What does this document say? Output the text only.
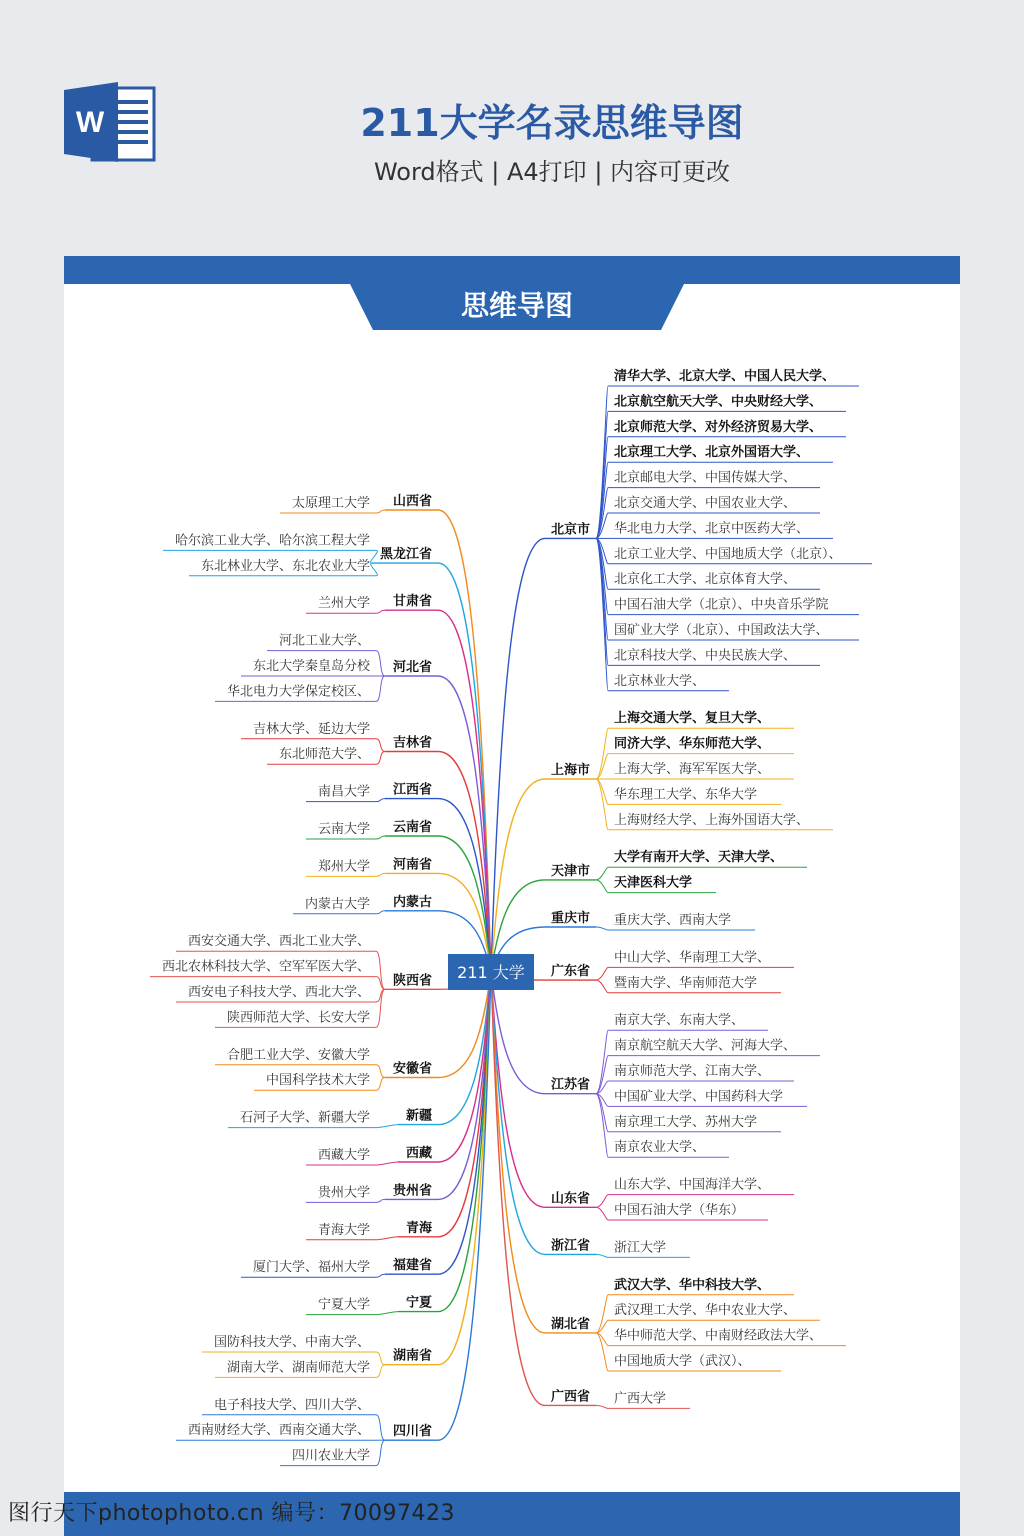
W	211大学名录思维导图
Word格式 | A4打印 | 内容可更改
思维导图
山西省
太原理工大学
黑龙江省
哈尔滨工业大学、哈尔滨工程大学
东北林业大学、东北农业大学
甘肃省
兰州大学
河北省
河北工业大学、
东北大学秦皇岛分校
华北电力大学保定校区、
吉林省
吉林大学、延边大学
东北师范大学、
江西省
南昌大学
云南省
云南大学
河南省
郑州大学
内蒙古
内蒙古大学
陕西省
西安交通大学、西北工业大学、
西北农林科技大学、空军军医大学、
西安电子科技大学、西北大学、
陕西师范大学、长安大学
安徽省
合肥工业大学、安徽大学
中国科学技术大学
新疆
石河子大学、新疆大学
西藏
西藏大学
贵州省
贵州大学
青海
青海大学
福建省
厦门大学、福州大学
宁夏
宁夏大学
湖南省
国防科技大学、中南大学、
湖南大学、湖南师范大学
四川省
电子科技大学、四川大学、
西南财经大学、西南交通大学、
四川农业大学
北京市
清华大学、北京大学、中国人民大学、
北京航空航天大学、中央财经大学、
北京师范大学、对外经济贸易大学、
北京理工大学、北京外国语大学、
北京邮电大学、中国传媒大学、
北京交通大学、中国农业大学、
华北电力大学、北京中医药大学、
北京工业大学、中国地质大学（北京）、
北京化工大学、北京体育大学、
中国石油大学（北京）、中央音乐学院
国矿业大学（北京）、中国政法大学、
北京科技大学、中央民族大学、
北京林业大学、
上海市
上海交通大学、复旦大学、
同济大学、华东师范大学、
上海大学、海军军医大学、
华东理工大学、东华大学
上海财经大学、上海外国语大学、
天津市
大学有南开大学、天津大学、
天津医科大学
重庆市 重庆大学、西南大学
广东省
中山大学、华南理工大学、
暨南大学、华南师范大学
江苏省
南京大学、东南大学、
南京航空航天大学、河海大学、
南京师范大学、江南大学、
中国矿业大学、中国药科大学
南京理工大学、苏州大学
南京农业大学、
山东省
山东大学、中国海洋大学、
中国石油大学（华东）
浙江省 浙江大学
湖北省
武汉大学、华中科技大学、
武汉理工大学、华中农业大学、
华中师范大学、中南财经政法大学、
中国地质大学（武汉）、
广西省 广西大学
211 大学
图行天下photophoto.cn 编号：70097423
